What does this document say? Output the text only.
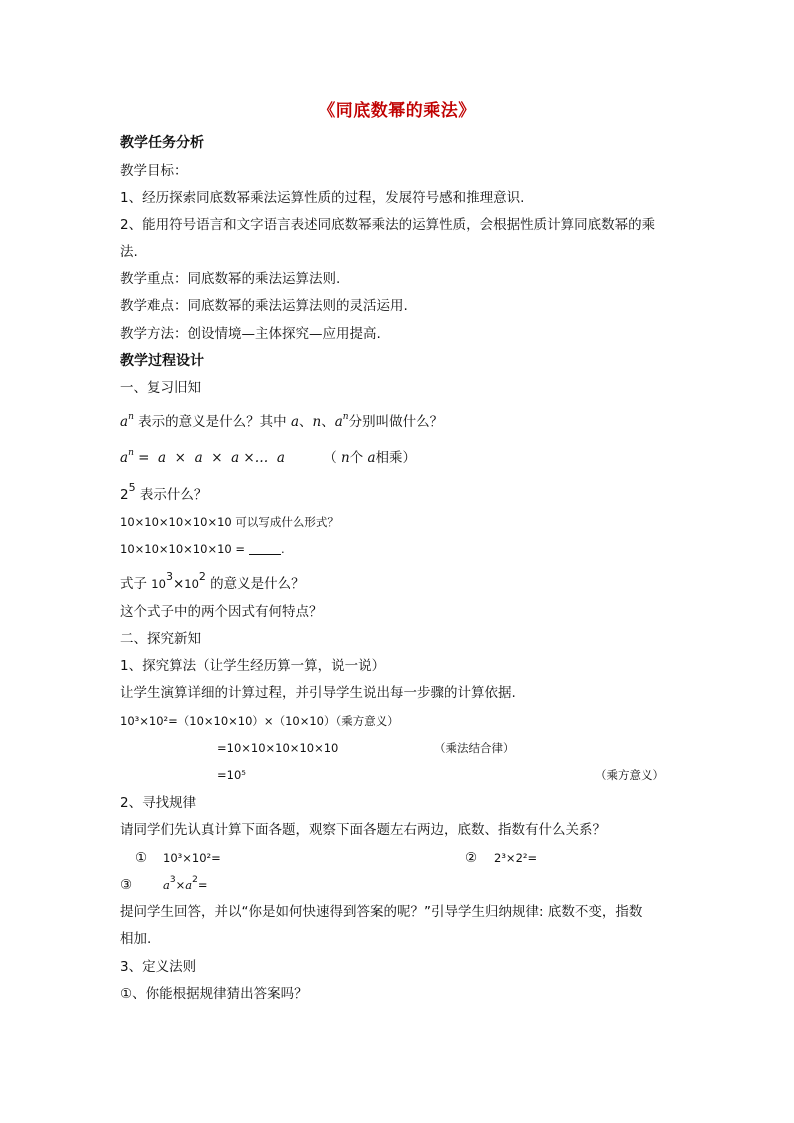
《同底数幂的乘法》
教学任务分析
教学目标：
1、经历探索同底数幂乘法运算性质的过程，发展符号感和推理意识.
2、能用符号语言和文字语言表述同底数幂乘法的运算性质，会根据性质计算同底数幂的乘
法.
教学重点：同底数幂的乘法运算法则.
教学难点：同底数幂的乘法运算法则的灵活运用.
教学方法：创设情境—主体探究—应用提高.
教学过程设计
一、复习旧知
$a^n$ 表示的意义是什么？其中 a、n、$a^n$分别叫做什么？
$a^n = a \times a \times a$ ×…  a	（ n个 a相乘）
$2^5$ 表示什么？
10×10×10×10×10 可以写成什么形式？
10×10×10×10×10 =	.
式子 $10^3\times 10^2$ 的意义是什么？
这个式子中的两个因式有何特点？
二、探究新知
1、探究算法（让学生经历算一算，说一说）
让学生演算详细的计算过程，并引导学生说出每一步骤的计算依据.
10³×10²=（10×10×10）×（10×10）（乘方意义）
=10×10×10×10×10	（乘法结合律）
=10⁵	（乘方意义）
2、寻找规律
请同学们先认真计算下面各题，观察下面各题左右两边，底数、指数有什么关系？
① 10³×10²=	② 2³×2²=
③	$a^3\times a^2=$
提问学生回答，并以“你是如何快速得到答案的呢？”引导学生归纳规律: 底数不变，指数
相加.
3、定义法则
①、你能根据规律猜出答案吗？
